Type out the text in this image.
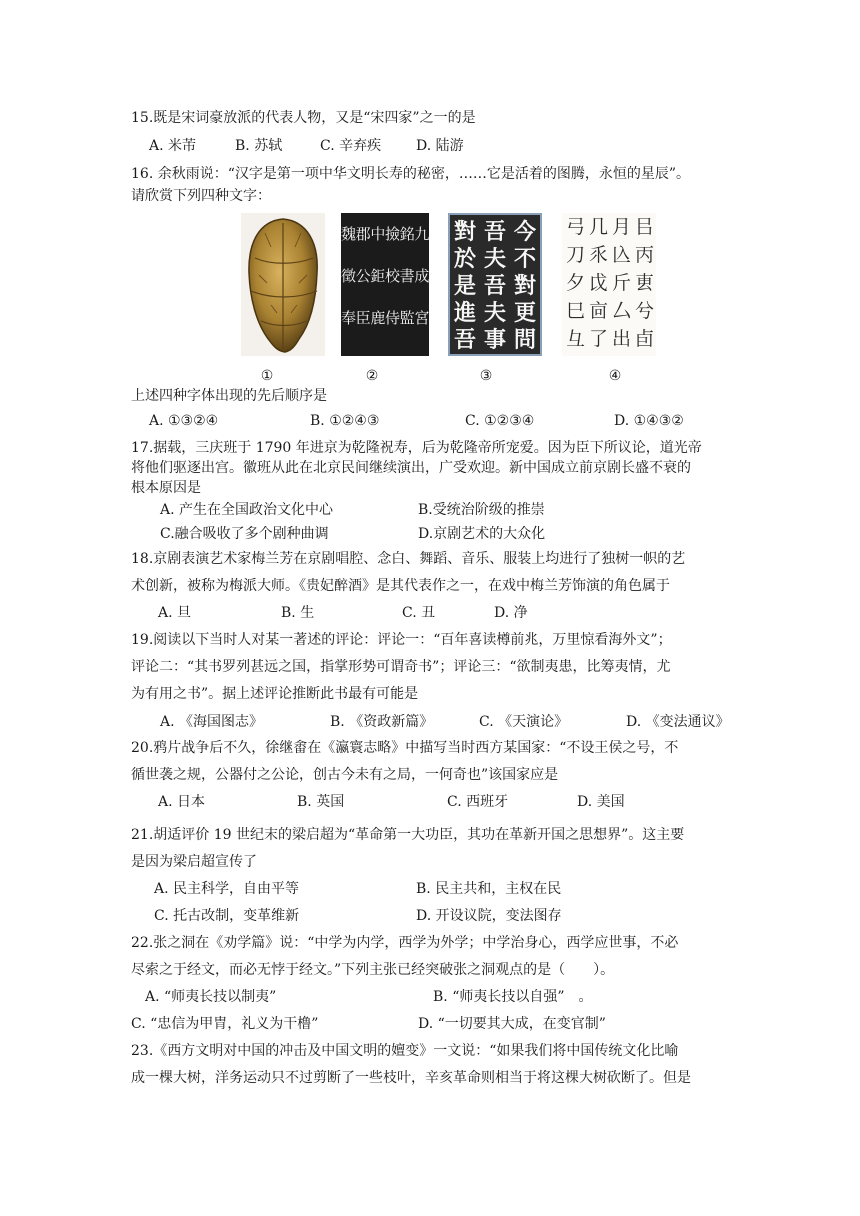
15.既是宋词豪放派的代表人物，又是“宋四家”之一的是
A. 米芾	B. 苏轼	C. 辛弃疾 D. 陆游
16. 余秋雨说：“汉字是第一项中华文明长寿的秘密，……它是活着的图腾，永恒的星辰”。
请欣赏下列四种文字：
九
成
宮
銘
書
監
撿
校
侍
中
鉅
鹿
郡
公
臣
魏
徵
奉
今
不
對
更
問
吾
夫
吾
夫
事
對
於
是
進
吾
㠯
丙
叀
兮
卣
月
兦
斤
厶
出
几
乑
戉
㐭
了
弓
刀
夕
巳
彑
①	②	③	④
上述四种字体出现的先后顺序是
A. ①③②④	B. ①②④③	C. ①②③④	D. ①④③②
17.据载，三庆班于 1790 年进京为乾隆祝寿，后为乾隆帝所宠爱。因为臣下所议论，道光帝
将他们驱逐出宫。徽班从此在北京民间继续演出，广受欢迎。新中国成立前京剧长盛不衰的
根本原因是
A. 产生在全国政治文化中心	B.受统治阶级的推崇
C.融合吸收了多个剧种曲调	D.京剧艺术的大众化
18.京剧表演艺术家梅兰芳在京剧唱腔、念白、舞蹈、音乐、服装上均进行了独树一帜的艺
术创新，被称为梅派大师。《贵妃醉酒》是其代表作之一，在戏中梅兰芳饰演的角色属于
A. 旦	B. 生	C. 丑	D. 净
19.阅读以下当时人对某一著述的评论：评论一：“百年喜读樽前兆，万里惊看海外文”；
评论二：“其书罗列甚远之国，指掌形势可谓奇书”；评论三：“欲制夷患，比筹夷情，尤
为有用之书”。据上述评论推断此书最有可能是
A. 《海国图志》	B. 《资政新篇》	C. 《天演论》	D. 《变法通议》
20.鸦片战争后不久，徐继畬在《瀛寰志略》中描写当时西方某国家：“不设王侯之号，不
循世袭之规，公器付之公论，创古今未有之局，一何奇也”该国家应是
A. 日本	B. 英国	C. 西班牙	D. 美国
21.胡适评价 19 世纪末的梁启超为“革命第一大功臣，其功在革新开国之思想界”。这主要
是因为梁启超宣传了
A. 民主科学，自由平等	B. 民主共和，主权在民
C. 托古改制，变革维新	D. 开设议院，变法图存
22.张之洞在《劝学篇》说：“中学为内学，西学为外学；中学治身心，西学应世事，不必
尽索之于经文，而必无悖于经文。”下列主张已经突破张之洞观点的是（　　）。
A. “师夷长技以制夷”	B. “师夷长技以自强”　。
C. “忠信为甲胄，礼义为干橹”	D. “一切要其大成，在变官制”
23.《西方文明对中国的冲击及中国文明的嬗变》一文说：“如果我们将中国传统文化比喻
成一棵大树，洋务运动只不过剪断了一些枝叶，辛亥革命则相当于将这棵大树砍断了。但是
